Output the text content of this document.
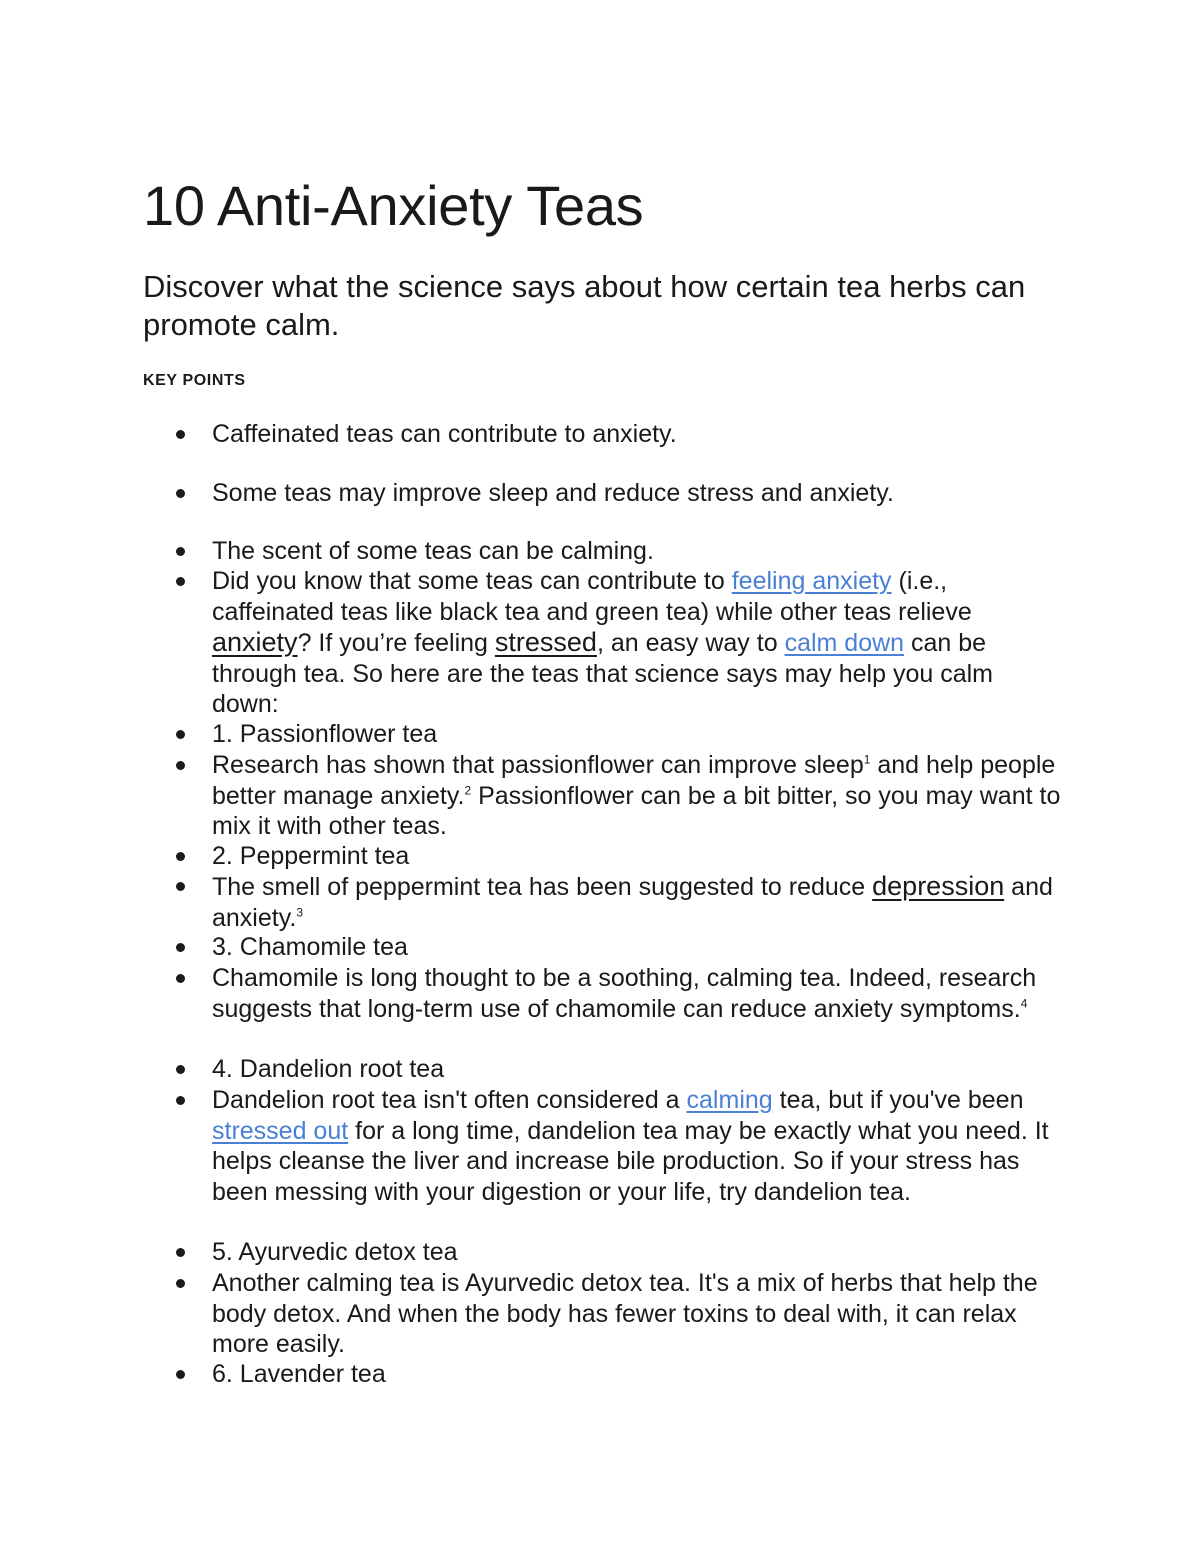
10 Anti-Anxiety Teas
Discover what the science says about how certain tea herbs can promote calm.
KEY POINTS
Caffeinated teas can contribute to anxiety.
Some teas may improve sleep and reduce stress and anxiety.
The scent of some teas can be calming.
Did you know that some teas can contribute to feeling anxiety (i.e., caffeinated teas like black tea and green tea) while other teas relieve anxiety? If you’re feeling stressed, an easy way to calm down can be through tea. So here are the teas that science says may help you calm down:
1. Passionflower tea
Research has shown that passionflower can improve sleep$^1$ and help people better manage anxiety.$^2$ Passionflower can be a bit bitter, so you may want to mix it with other teas.
2. Peppermint tea
The smell of peppermint tea has been suggested to reduce depression and anxiety.$^3$
3. Chamomile tea
Chamomile is long thought to be a soothing, calming tea. Indeed, research suggests that long-term use of chamomile can reduce anxiety symptoms.$^4$
4. Dandelion root tea
Dandelion root tea isn't often considered a calming tea, but if you've been stressed out for a long time, dandelion tea may be exactly what you need. It helps cleanse the liver and increase bile production. So if your stress has been messing with your digestion or your life, try dandelion tea.
5. Ayurvedic detox tea
Another calming tea is Ayurvedic detox tea. It's a mix of herbs that help the body detox. And when the body has fewer toxins to deal with, it can relax more easily.
6. Lavender tea
